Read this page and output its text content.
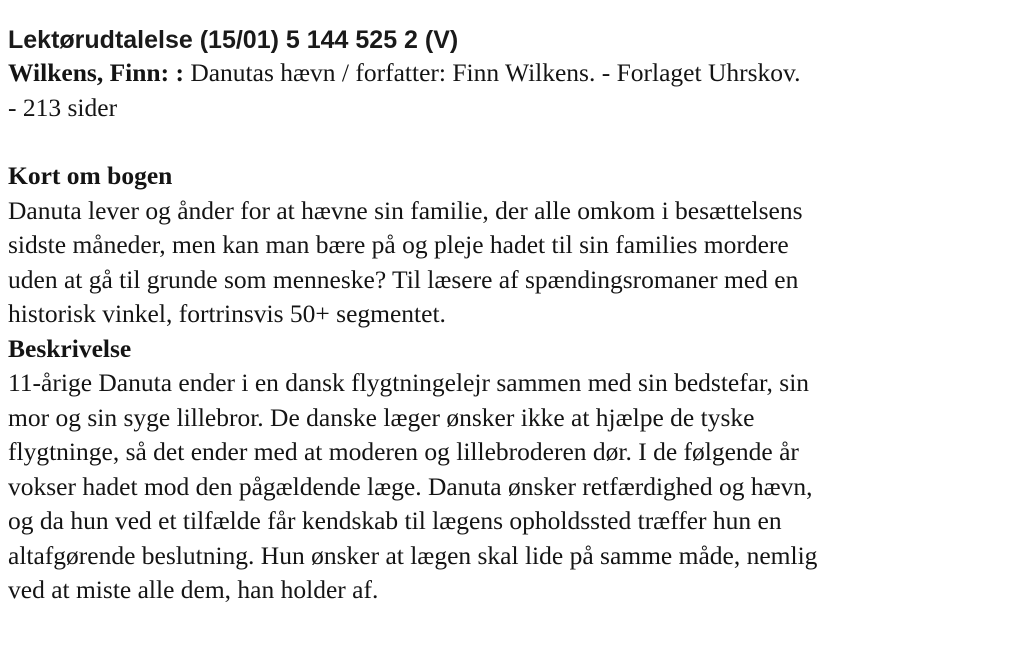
Lektørudtalelse (15/01) 5 144 525 2 (V)
Wilkens, Finn: : Danutas hævn / forfatter: Finn Wilkens. - Forlaget Uhrskov.
- 213 sider
Kort om bogen
Danuta lever og ånder for at hævne sin familie, der alle omkom i besættelsens
sidste måneder, men kan man bære på og pleje hadet til sin families mordere
uden at gå til grunde som menneske? Til læsere af spændingsromaner med en
historisk vinkel, fortrinsvis 50+ segmentet.
Beskrivelse
11-årige Danuta ender i en dansk flygtningelejr sammen med sin bedstefar, sin
mor og sin syge lillebror. De danske læger ønsker ikke at hjælpe de tyske
flygtninge, så det ender med at moderen og lillebroderen dør. I de følgende år
vokser hadet mod den pågældende læge. Danuta ønsker retfærdighed og hævn,
og da hun ved et tilfælde får kendskab til lægens opholdssted træffer hun en
altafgørende beslutning. Hun ønsker at lægen skal lide på samme måde, nemlig
ved at miste alle dem, han holder af.
